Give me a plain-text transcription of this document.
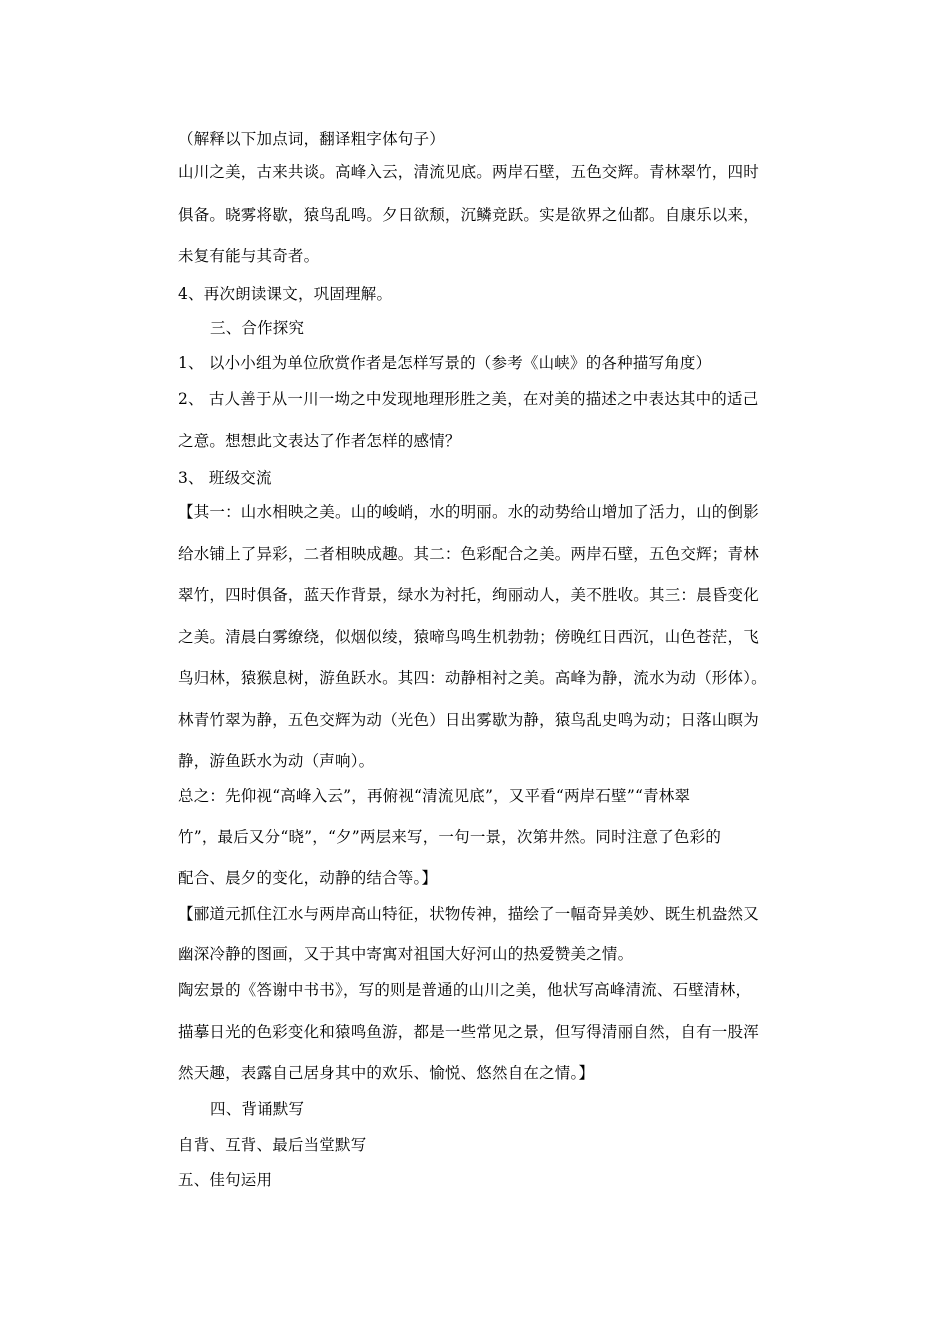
（解释以下加点词，翻译粗字体句子）
山川之美，古来共谈。高峰入云，清流见底。两岸石壁，五色交辉。青林翠竹，四时
俱备。晓雾将歇，猿鸟乱鸣。夕日欲颓，沉鳞竞跃。实是欲界之仙都。自康乐以来，
未复有能与其奇者。
4、再次朗读课文，巩固理解。
三、合作探究
1、 以小小组为单位欣赏作者是怎样写景的（参考《山峡》的各种描写角度）
2、 古人善于从一川一坳之中发现地理形胜之美，在对美的描述之中表达其中的适己
之意。想想此文表达了作者怎样的感情？
3、 班级交流
【其一：山水相映之美。山的峻峭，水的明丽。水的动势给山增加了活力，山的倒影
给水铺上了异彩，二者相映成趣。其二：色彩配合之美。两岸石壁，五色交辉；青林
翠竹，四时俱备，蓝天作背景，绿水为衬托，绚丽动人，美不胜收。其三：晨昏变化
之美。清晨白雾缭绕，似烟似绫，猿啼鸟鸣生机勃勃；傍晚红日西沉，山色苍茫，飞
鸟归林，猿猴息树，游鱼跃水。其四：动静相衬之美。高峰为静，流水为动（形体）。
林青竹翠为静，五色交辉为动（光色）日出雾歇为静，猿鸟乱史鸣为动；日落山暝为
静，游鱼跃水为动（声响）。
总之：先仰视“高峰入云”，再俯视“清流见底”，又平看“两岸石壁”“青林翠
竹”，最后又分“晓”，“夕”两层来写，一句一景，次第井然。同时注意了色彩的
配合、晨夕的变化，动静的结合等。】
【郦道元抓住江水与两岸高山特征，状物传神，描绘了一幅奇异美妙、既生机盎然又
幽深冷静的图画，又于其中寄寓对祖国大好河山的热爱赞美之情。
陶宏景的《答谢中书书》，写的则是普通的山川之美，他状写高峰清流、石壁清林，
描摹日光的色彩变化和猿鸣鱼游，都是一些常见之景，但写得清丽自然，自有一股浑
然天趣，表露自己居身其中的欢乐、愉悦、悠然自在之情。】
四、背诵默写
自背、互背、最后当堂默写
五、佳句运用
